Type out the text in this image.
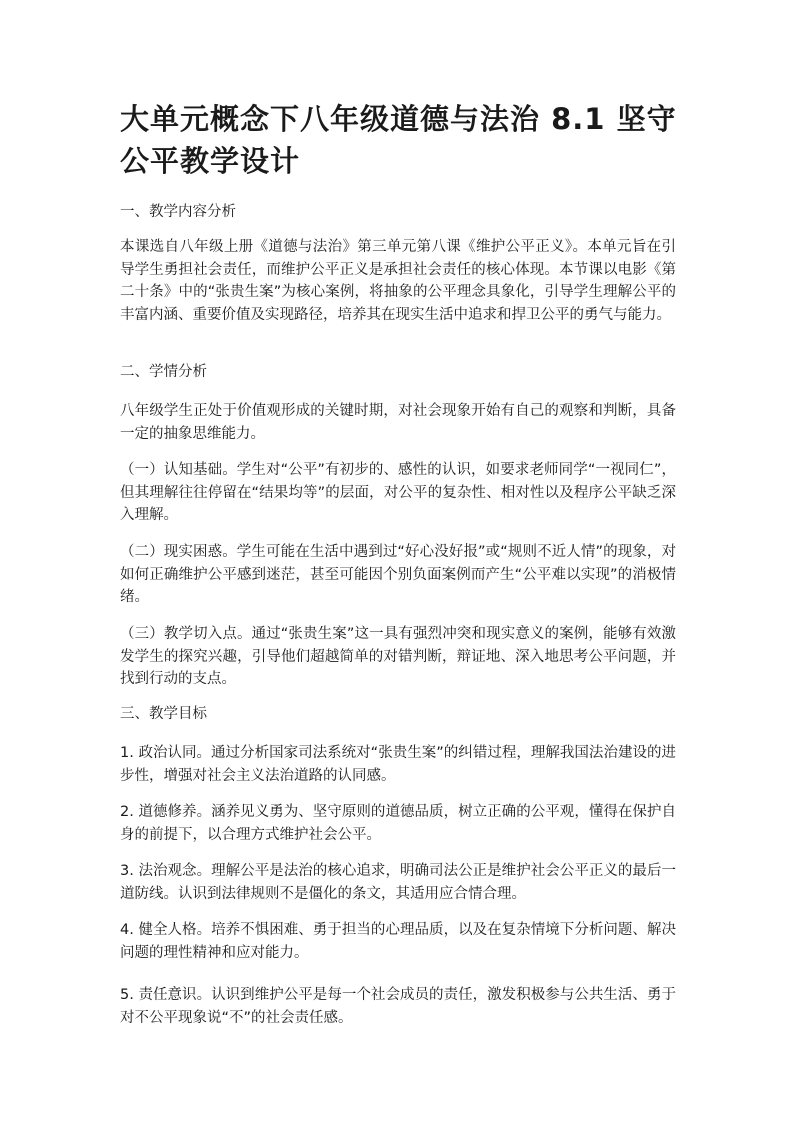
大单元概念下八年级道德与法治 8.1 坚守公平教学设计
一、教学内容分析

本课选自八年级上册《道德与法治》第三单元第八课《维护公平正义》。本单元旨在引导学生勇担社会责任，而维护公平正义是承担社会责任的核心体现。本节课以电影《第二十条》中的“张贵生案”为核心案例，将抽象的公平理念具象化，引导学生理解公平的丰富内涵、重要价值及实现路径，培养其在现实生活中追求和捍卫公平的勇气与能力。

二、学情分析

八年级学生正处于价值观形成的关键时期，对社会现象开始有自己的观察和判断，具备一定的抽象思维能力。

（一）认知基础。学生对“公平”有初步的、感性的认识，如要求老师同学“一视同仁”，但其理解往往停留在“结果均等”的层面，对公平的复杂性、相对性以及程序公平缺乏深入理解。

（二）现实困惑。学生可能在生活中遇到过“好心没好报”或“规则不近人情”的现象，对如何正确维护公平感到迷茫，甚至可能因个别负面案例而产生“公平难以实现”的消极情绪。

（三）教学切入点。通过“张贵生案”这一具有强烈冲突和现实意义的案例，能够有效激发学生的探究兴趣，引导他们超越简单的对错判断，辩证地、深入地思考公平问题，并找到行动的支点。

三、教学目标

1. 政治认同。通过分析国家司法系统对“张贵生案”的纠错过程，理解我国法治建设的进步性，增强对社会主义法治道路的认同感。

2. 道德修养。涵养见义勇为、坚守原则的道德品质，树立正确的公平观，懂得在保护自身的前提下，以合理方式维护社会公平。

3. 法治观念。理解公平是法治的核心追求，明确司法公正是维护社会公平正义的最后一道防线。认识到法律规则不是僵化的条文，其适用应合情合理。

4. 健全人格。培养不惧困难、勇于担当的心理品质，以及在复杂情境下分析问题、解决问题的理性精神和应对能力。

5. 责任意识。认识到维护公平是每一个社会成员的责任，激发积极参与公共生活、勇于对不公平现象说“不”的社会责任感。
